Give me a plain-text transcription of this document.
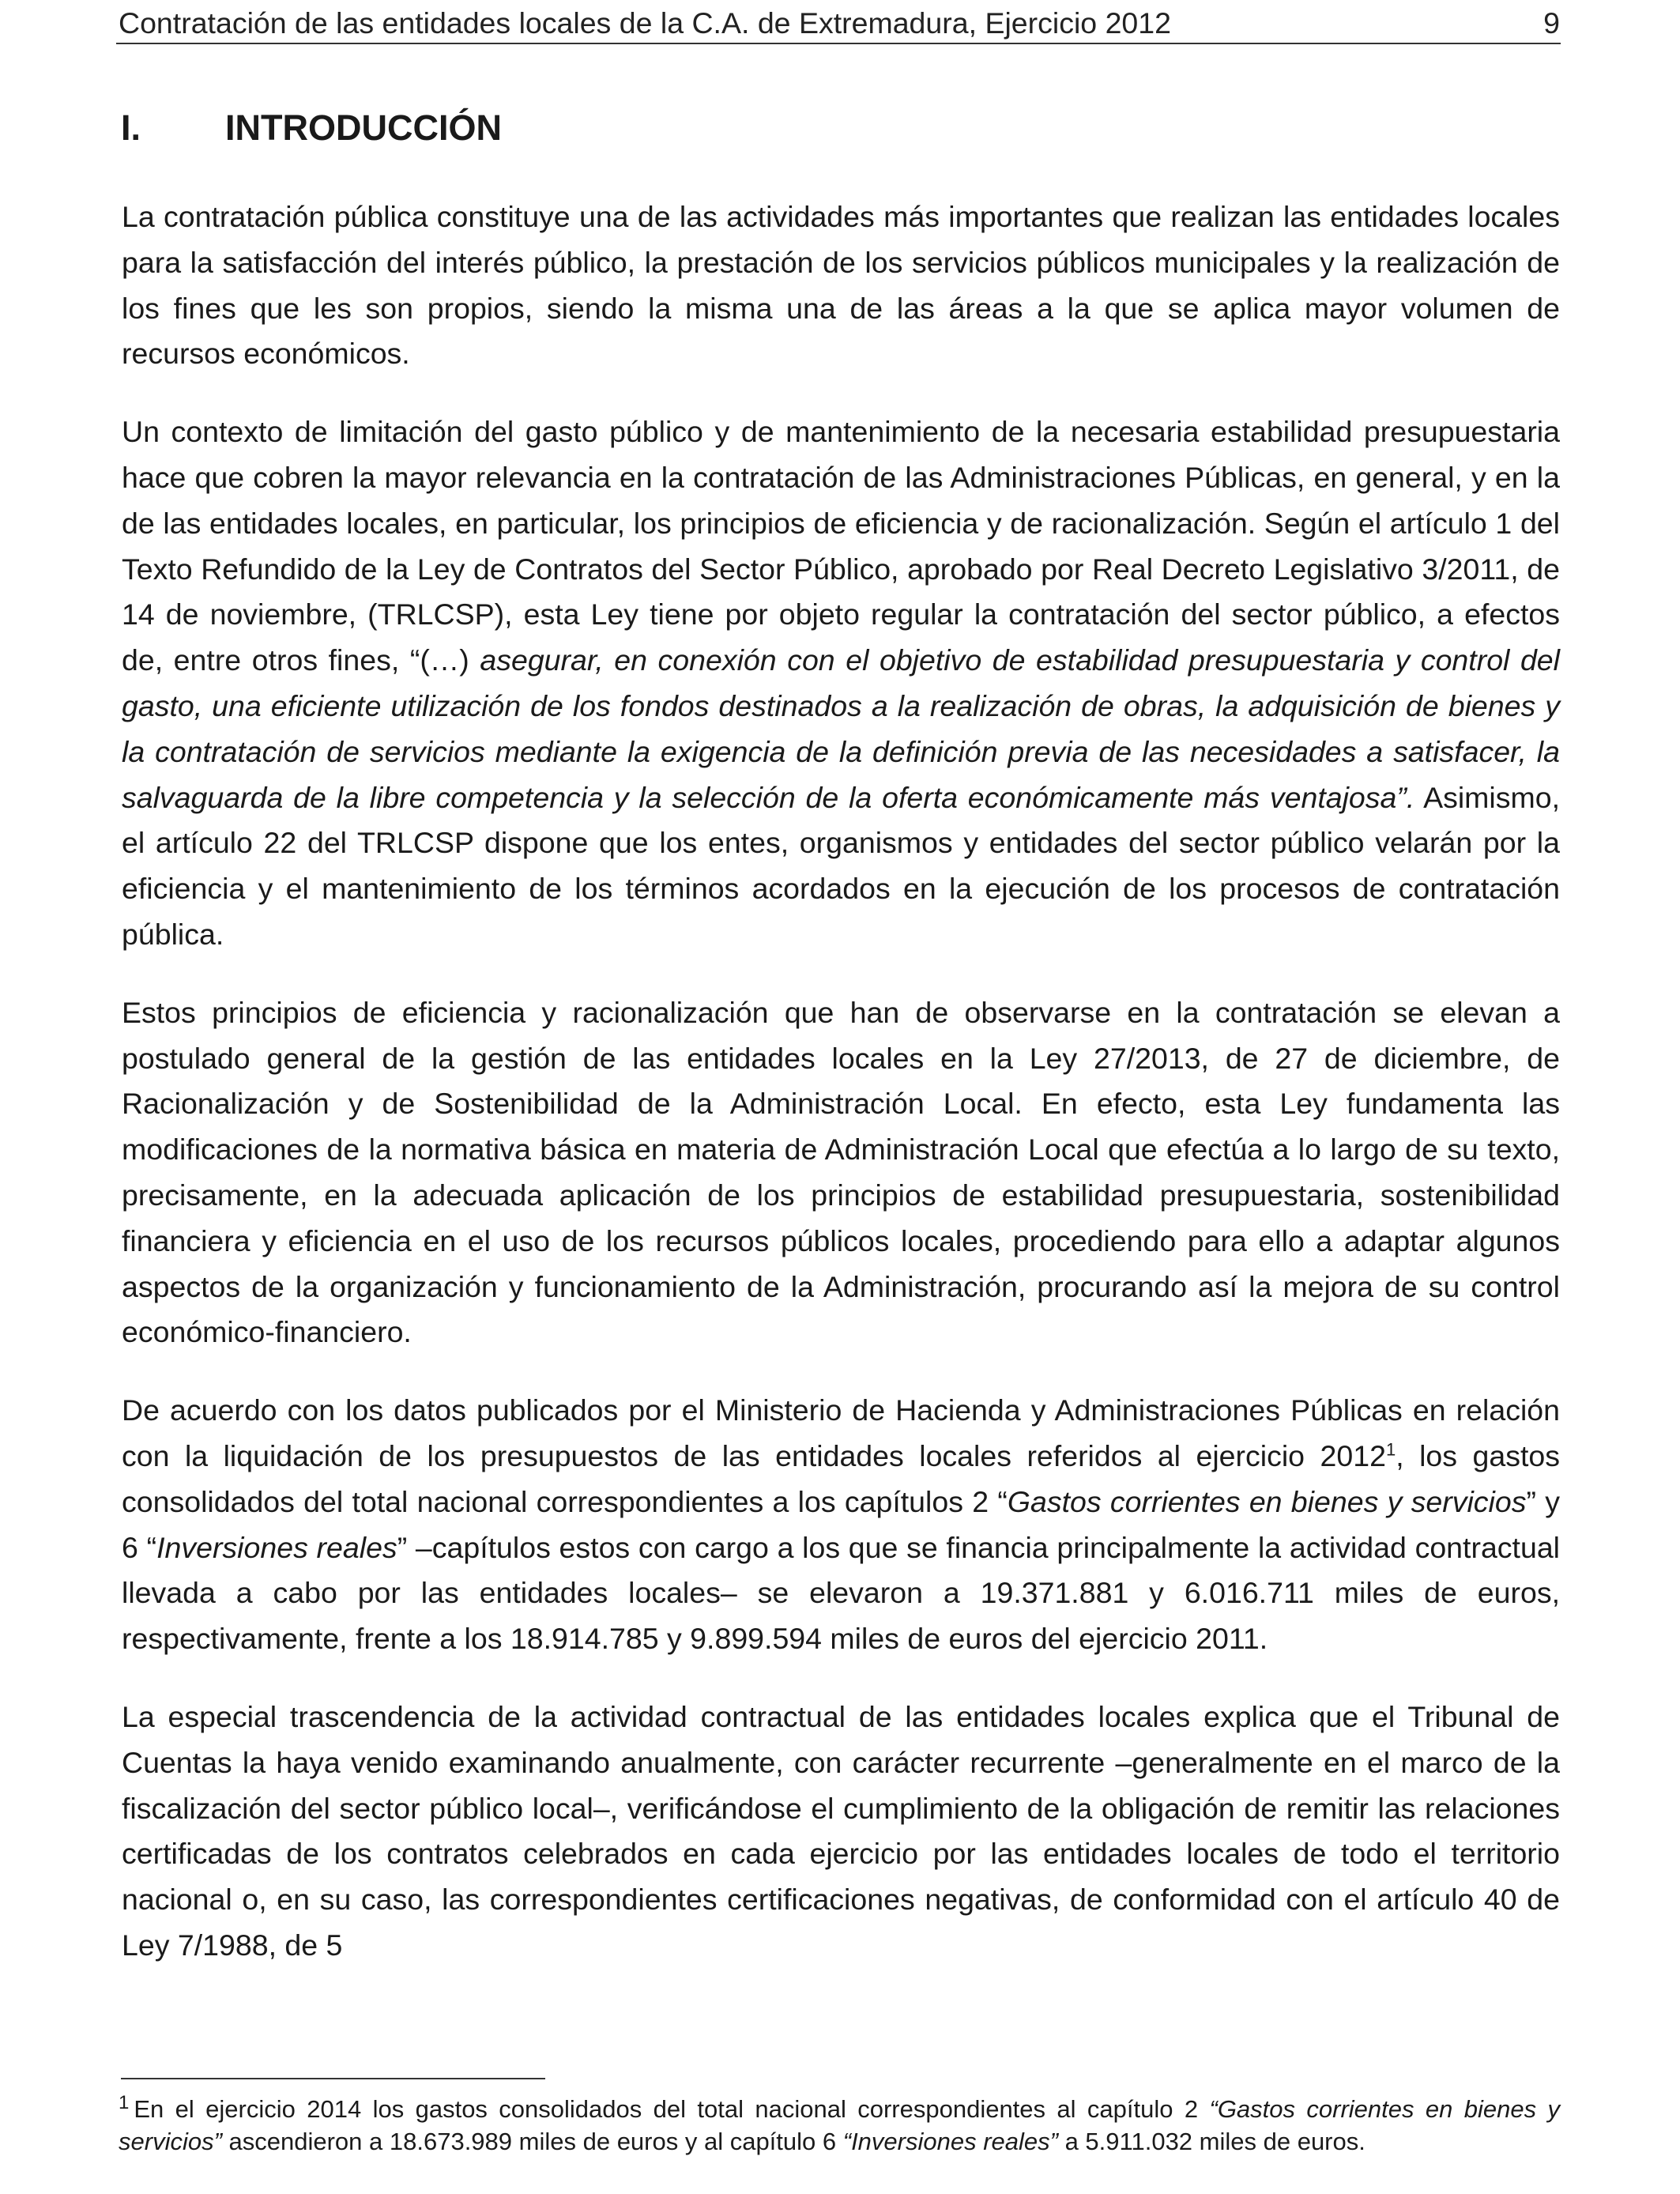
Contratación de las entidades locales de la C.A. de Extremadura, Ejercicio 2012	9
I. INTRODUCCIÓN

La contratación pública constituye una de las actividades más importantes que realizan las entidades locales para la satisfacción del interés público, la prestación de los servicios públicos municipales y la realización de los fines que les son propios, siendo la misma una de las áreas a la que se aplica mayor volumen de recursos económicos.

Un contexto de limitación del gasto público y de mantenimiento de la necesaria estabilidad presupuestaria hace que cobren la mayor relevancia en la contratación de las Administraciones Públicas, en general, y en la de las entidades locales, en particular, los principios de eficiencia y de racionalización. Según el artículo 1 del Texto Refundido de la Ley de Contratos del Sector Público, aprobado por Real Decreto Legislativo 3/2011, de 14 de noviembre, (TRLCSP), esta Ley tiene por objeto regular la contratación del sector público, a efectos de, entre otros fines, “(…) asegurar, en conexión con el objetivo de estabilidad presupuestaria y control del gasto, una eficiente utilización de los fondos destinados a la realización de obras, la adquisición de bienes y la contratación de servicios mediante la exigencia de la definición previa de las necesidades a satisfacer, la salvaguarda de la libre competencia y la selección de la oferta económicamente más ventajosa”. Asimismo, el artículo 22 del TRLCSP dispone que los entes, organismos y entidades del sector público velarán por la eficiencia y el mantenimiento de los términos acordados en la ejecución de los procesos de contratación pública.

Estos principios de eficiencia y racionalización que han de observarse en la contratación se elevan a postulado general de la gestión de las entidades locales en la Ley 27/2013, de 27 de diciembre, de Racionalización y de Sostenibilidad de la Administración Local. En efecto, esta Ley fundamenta las modificaciones de la normativa básica en materia de Administración Local que efectúa a lo largo de su texto, precisamente, en la adecuada aplicación de los principios de estabilidad presupuestaria, sostenibilidad financiera y eficiencia en el uso de los recursos públicos locales, procediendo para ello a adaptar algunos aspectos de la organización y funcionamiento de la Administración, procurando así la mejora de su control económico-financiero.

De acuerdo con los datos publicados por el Ministerio de Hacienda y Administraciones Públicas en relación con la liquidación de los presupuestos de las entidades locales referidos al ejercicio 2012$^1$, los gastos consolidados del total nacional correspondientes a los capítulos 2 “Gastos corrientes en bienes y servicios” y 6 “Inversiones reales” –capítulos estos con cargo a los que se financia principalmente la actividad contractual llevada a cabo por las entidades locales– se elevaron a 19.371.881 y 6.016.711 miles de euros, respectivamente, frente a los 18.914.785 y 9.899.594 miles de euros del ejercicio 2011.

La especial trascendencia de la actividad contractual de las entidades locales explica que el Tribunal de Cuentas la haya venido examinando anualmente, con carácter recurrente –generalmente en el marco de la fiscalización del sector público local–, verificándose el cumplimiento de la obligación de remitir las relaciones certificadas de los contratos celebrados en cada ejercicio por las entidades locales de todo el territorio nacional o, en su caso, las correspondientes certificaciones negativas, de conformidad con el artículo 40 de Ley 7/1988, de 5

$^1$ En el ejercicio 2014 los gastos consolidados del total nacional correspondientes al capítulo 2 “Gastos corrientes en bienes y servicios” ascendieron a 18.673.989 miles de euros y al capítulo 6 “Inversiones reales” a 5.911.032 miles de euros.
